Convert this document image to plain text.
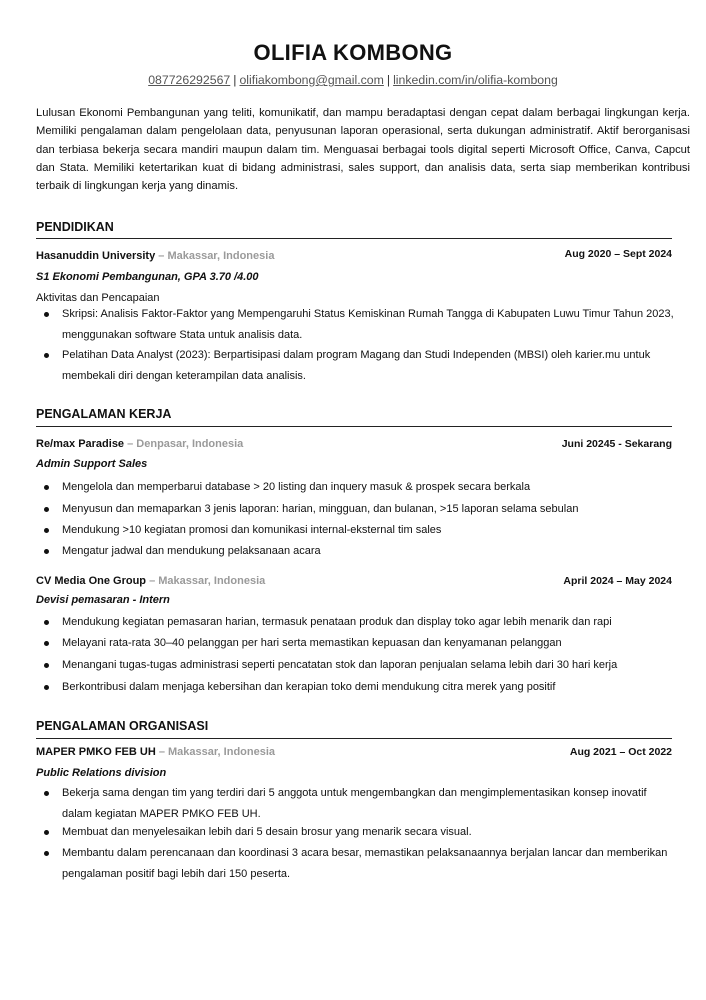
OLIFIA KOMBONG
087726292567 | olifiakombong@gmail.com | linkedin.com/in/olifia-kombong
Lulusan Ekonomi Pembangunan yang teliti, komunikatif, dan mampu beradaptasi dengan cepat dalam berbagai lingkungan kerja. Memiliki pengalaman dalam pengelolaan data, penyusunan laporan operasional, serta dukungan administratif. Aktif berorganisasi dan terbiasa bekerja secara mandiri maupun dalam tim. Menguasai berbagai tools digital seperti Microsoft Office, Canva, Capcut dan Stata. Memiliki ketertarikan kuat di bidang administrasi, sales support, dan analisis data, serta siap memberikan kontribusi terbaik di lingkungan kerja yang dinamis.
PENDIDIKAN
Hasanuddin University – Makassar, Indonesia	Aug 2020 – Sept 2024
S1 Ekonomi Pembangunan, GPA 3.70 /4.00
Aktivitas dan Pencapaian
Skripsi: Analisis Faktor-Faktor yang Mempengaruhi Status Kemiskinan Rumah Tangga di Kabupaten Luwu Timur Tahun 2023, menggunakan software Stata untuk analisis data.
Pelatihan Data Analyst (2023): Berpartisipasi dalam program Magang dan Studi Independen (MBSI) oleh karier.mu untuk membekali diri dengan keterampilan data analisis.
PENGALAMAN KERJA
Re/max Paradise – Denpasar, Indonesia	Juni 20245 - Sekarang
Admin Support Sales
Mengelola dan memperbarui database > 20 listing dan inquery masuk & prospek secara berkala
Menyusun dan memaparkan 3 jenis laporan: harian, mingguan, dan bulanan, >15 laporan selama sebulan
Mendukung >10 kegiatan promosi dan komunikasi internal-eksternal tim sales
Mengatur jadwal dan mendukung pelaksanaan acara
CV Media One Group – Makassar, Indonesia	April 2024 – May 2024
Devisi pemasaran - Intern
Mendukung kegiatan pemasaran harian, termasuk penataan produk dan display toko agar lebih menarik dan rapi
Melayani rata-rata 30–40 pelanggan per hari serta memastikan kepuasan dan kenyamanan pelanggan
Menangani tugas-tugas administrasi seperti pencatatan stok dan laporan penjualan selama lebih dari 30 hari kerja
Berkontribusi dalam menjaga kebersihan dan kerapian toko demi mendukung citra merek yang positif
PENGALAMAN ORGANISASI
MAPER PMKO FEB UH – Makassar, Indonesia	Aug 2021 – Oct 2022
Public Relations division
Bekerja sama dengan tim yang terdiri dari 5 anggota untuk mengembangkan dan mengimplementasikan konsep inovatif dalam kegiatan MAPER PMKO FEB UH.
Membuat dan menyelesaikan lebih dari 5 desain brosur yang menarik secara visual.
Membantu dalam perencanaan dan koordinasi 3 acara besar, memastikan pelaksanaannya berjalan lancar dan memberikan pengalaman positif bagi lebih dari 150 peserta.
